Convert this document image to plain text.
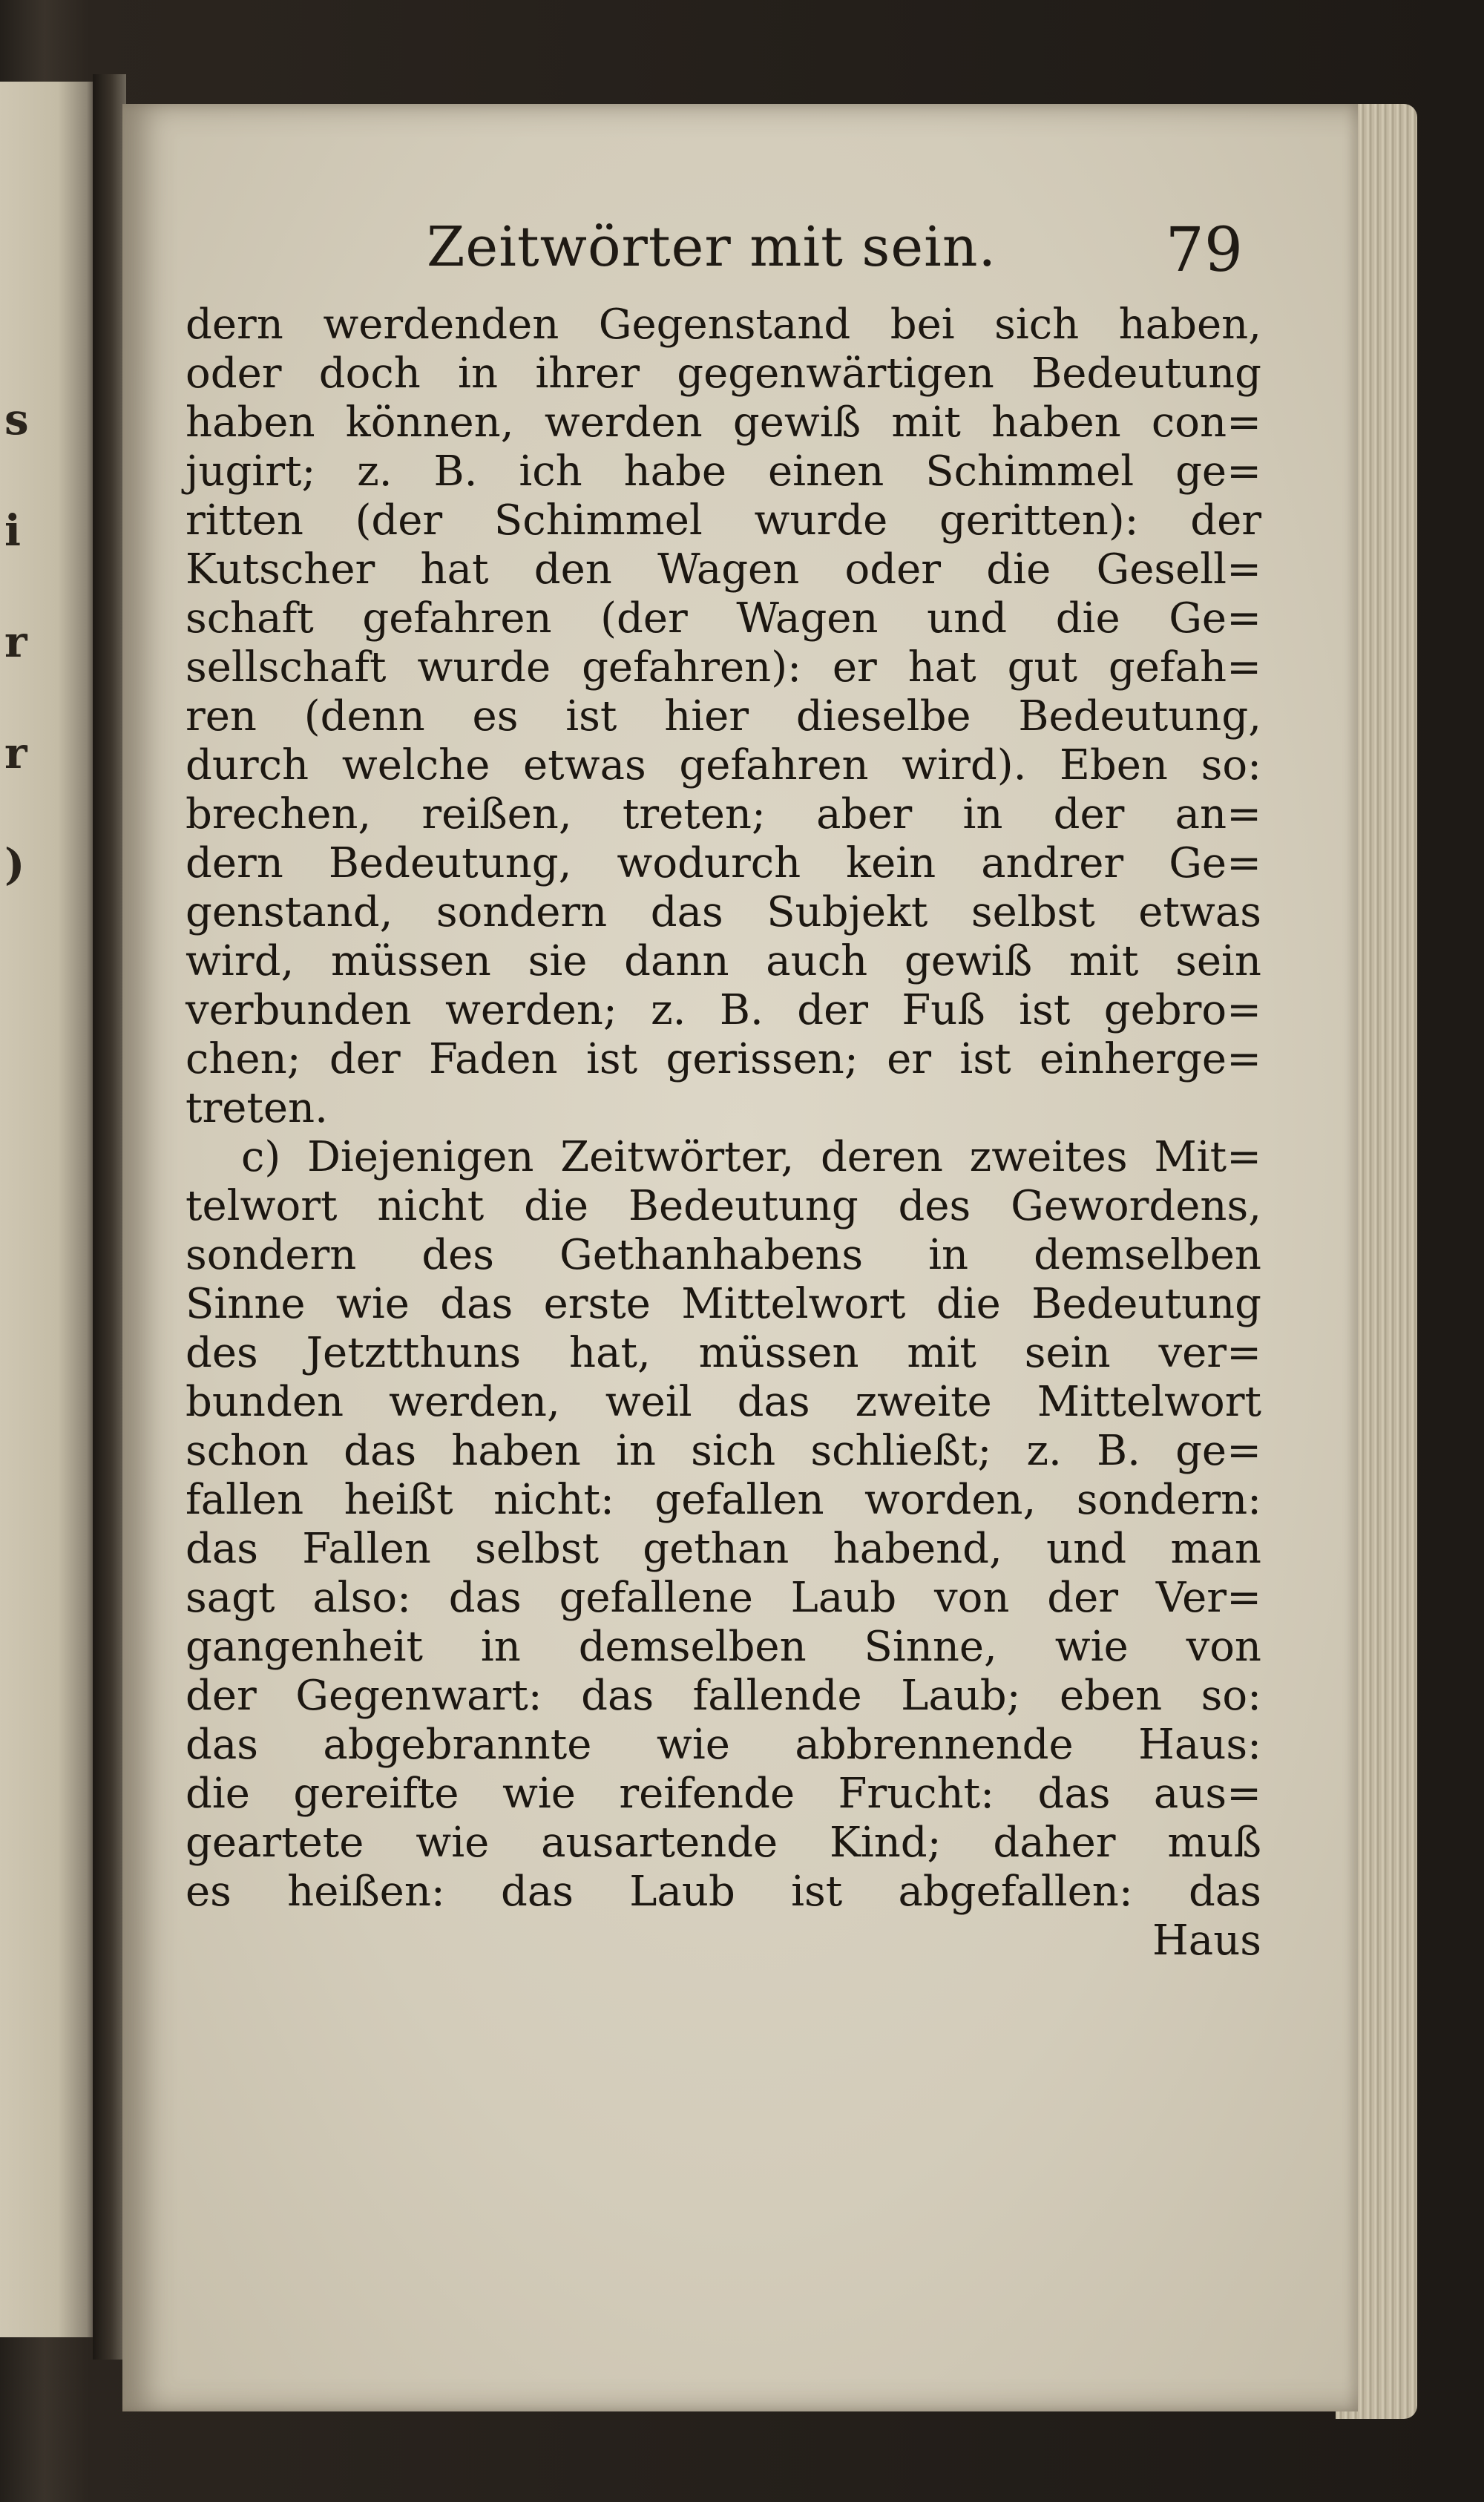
s
i
r
r
)
Zeitwörter mit sein.	79
dern werdenden Gegenstand bei sich haben,
oder doch in ihrer gegenwärtigen Bedeutung
haben können, werden gewiß mit haben con=
jugirt; z. B. ich habe einen Schimmel ge=
ritten (der Schimmel wurde geritten): der
Kutscher hat den Wagen oder die Gesell=
schaft gefahren (der Wagen und die Ge=
sellschaft wurde gefahren): er hat gut gefah=
ren (denn es ist hier dieselbe Bedeutung,
durch welche etwas gefahren wird). Eben so:
brechen, reißen, treten; aber in der an=
dern Bedeutung, wodurch kein andrer Ge=
genstand, sondern das Subjekt selbst etwas
wird, müssen sie dann auch gewiß mit sein
verbunden werden; z. B. der Fuß ist gebro=
chen; der Faden ist gerissen; er ist einherge=
treten.
c) Diejenigen Zeitwörter, deren zweites Mit=
telwort nicht die Bedeutung des Gewordens,
sondern des Gethanhabens in demselben
Sinne wie das erste Mittelwort die Bedeutung
des Jetztthuns hat, müssen mit sein ver=
bunden werden, weil das zweite Mittelwort
schon das haben in sich schließt; z. B. ge=
fallen heißt nicht: gefallen worden, sondern:
das Fallen selbst gethan habend, und man
sagt also: das gefallene Laub von der Ver=
gangenheit in demselben Sinne, wie von
der Gegenwart: das fallende Laub; eben so:
das abgebrannte wie abbrennende Haus:
die gereifte wie reifende Frucht: das aus=
geartete wie ausartende Kind; daher muß
es heißen: das Laub ist abgefallen: das
Haus
